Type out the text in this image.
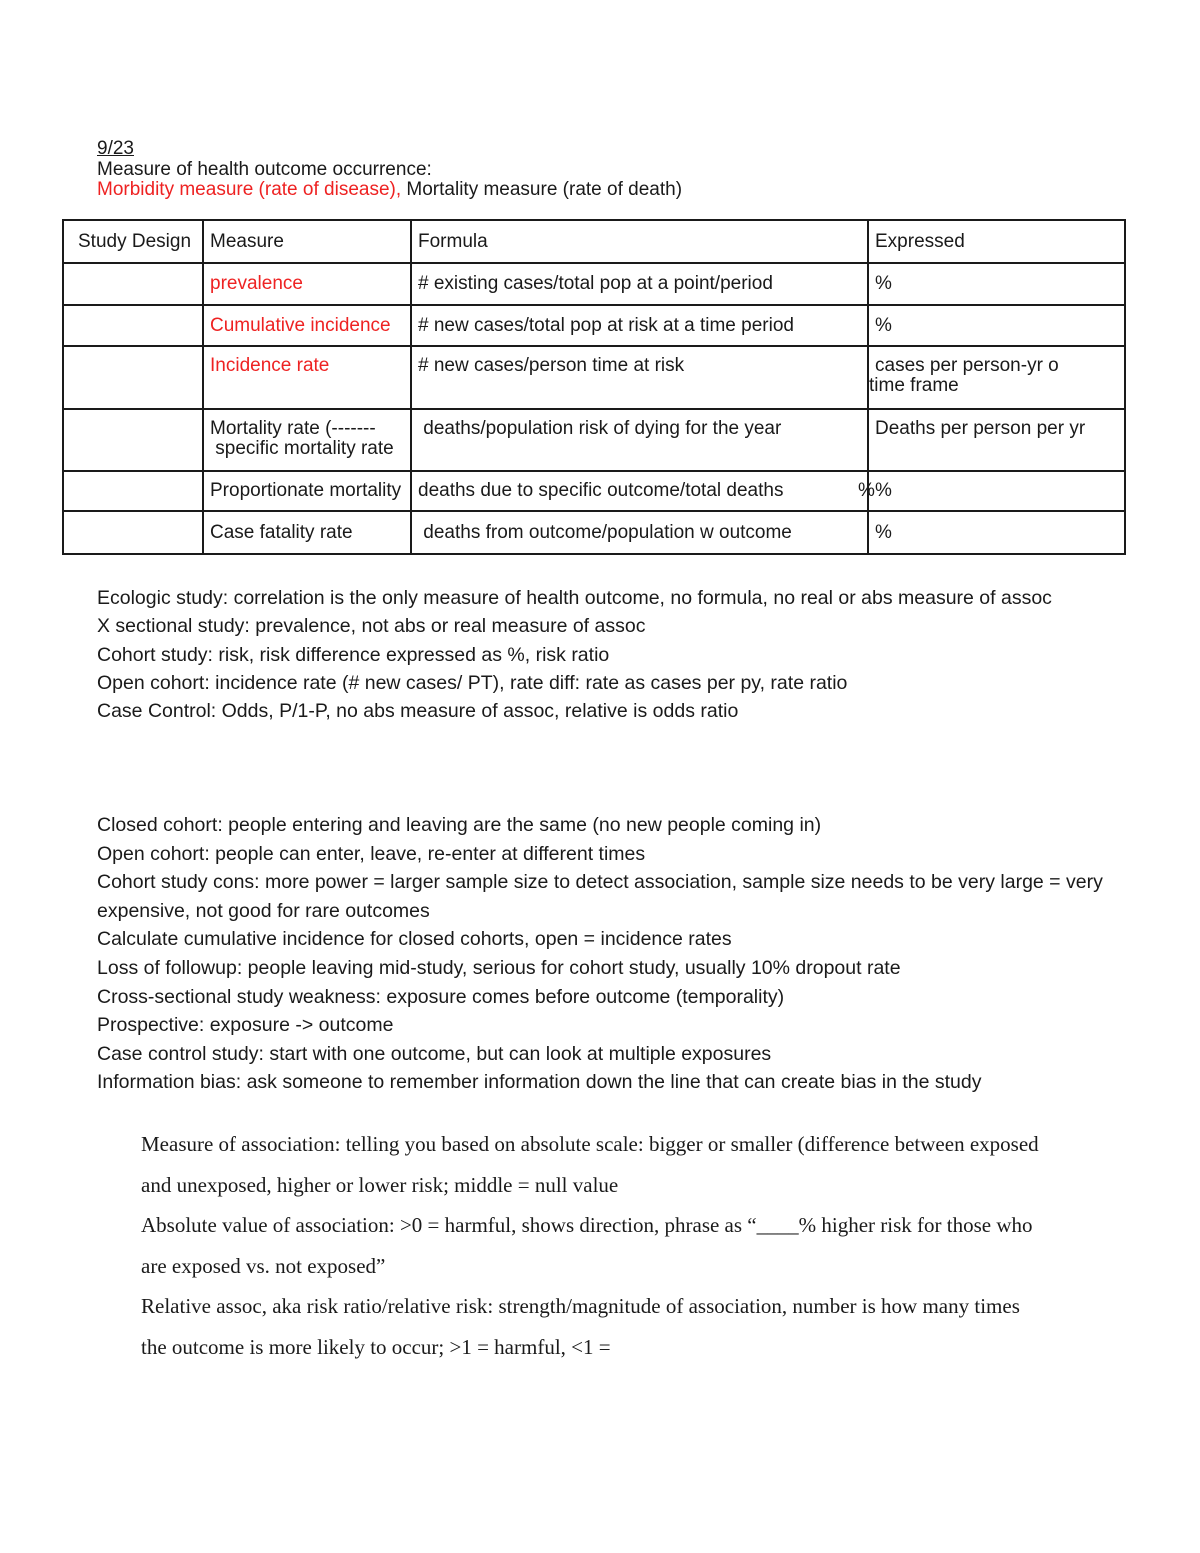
9/23
Measure of health outcome occurrence:
Morbidity measure (rate of disease), Mortality measure (rate of death)
Study Design	Measure	Formula	Expressed

	prevalence	# existing cases/total pop at a point/period	%

	Cumulative incidence	# new cases/total pop at risk at a time period	%

	Incidence rate	# new cases/person time at risk	cases per person-yr o
time frame

	Mortality rate (-------
specific mortality rate	deaths/population risk of dying for the year	Deaths per person per yr

	Proportionate mortality	deaths due to specific outcome/total deaths %	%

	Case fatality rate	deaths from outcome/population w outcome	%

Ecologic study: correlation is the only measure of health outcome, no formula, no real or abs measure of assoc

X sectional study: prevalence, not abs or real measure of assoc

Cohort study: risk, risk difference expressed as %, risk ratio

Open cohort: incidence rate (# new cases/ PT), rate diff: rate as cases per py, rate ratio

Case Control: Odds, P/1-P, no abs measure of assoc, relative is odds ratio

Closed cohort: people entering and leaving are the same (no new people coming in)

Open cohort: people can enter, leave, re-enter at different times

Cohort study cons: more power = larger sample size to detect association, sample size needs to be very large = very expensive, not good for rare outcomes

Calculate cumulative incidence for closed cohorts, open = incidence rates

Loss of followup: people leaving mid-study, serious for cohort study, usually 10% dropout rate

Cross-sectional study weakness: exposure comes before outcome (temporality)

Prospective: exposure -> outcome

Case control study: start with one outcome, but can look at multiple exposures

Information bias: ask someone to remember information down the line that can create bias in the study

Measure of association: telling you based on absolute scale: bigger or smaller (difference between exposed and unexposed, higher or lower risk; middle = null value

Absolute value of association: >0 = harmful, shows direction, phrase as “____% higher risk for those who are exposed vs. not exposed”

Relative assoc, aka risk ratio/relative risk: strength/magnitude of association, number is how many times the outcome is more likely to occur; >1 = harmful, <1 =
